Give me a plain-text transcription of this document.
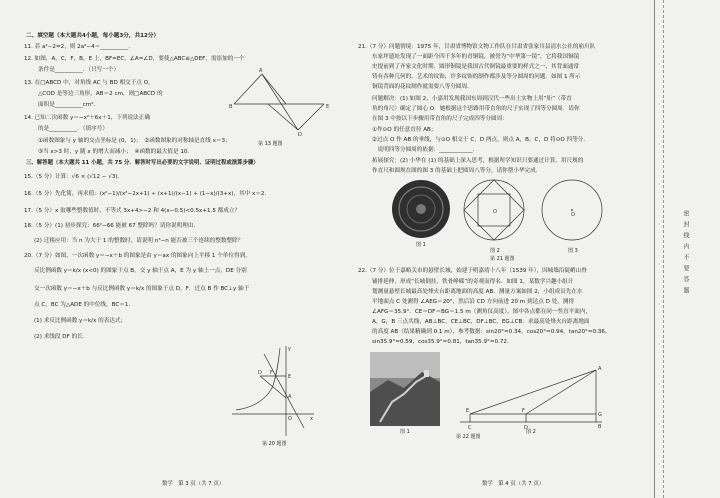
二、填空题（本大题共4小题，每小题3分，共12分）
11. 若 a²−2=2，则 2a²−4＝__________.
12. 如图，A，C，F，B，E 上，BF=EC，∠A=∠D，要使△ABC≌△DEF，需添加的一个
条件是__________．（只写一个）
13. 在□ABCD 中，对角线 AC 与 BD 相交于点 O，
△COD 是等边三角形，AB＝2 cm，则□ABCD 的
面积是__________cm².
14. 已知二次函数 y＝−x²＋6x＋1，下列说法正确
的是__________．（填序号）
①函数图象与 y 轴的交点坐标是 (0，1)；　②函数图象的对称轴是直线 x＝3；
③当 x>3 时，y 随 x 的增大而减小；　④函数的最大值是 10.
A
B	E
D
第 13 题图
三、解答题（本大题共 11 小题，共 75 分．解答时写出必要的文字说明、证明过程或演算步骤）
15.（5 分）计算：√6 × (√12 − √3)．
16.（5 分）先化简，再求值：(x²−1)/(x²−2x+1) ÷ (x+1)/(x−1) + (1−x)/(3+x)，其中 x＝2.
17.（5 分）x 取哪些整数值时，不等式 3x+4>−2 和 4(x−0.5)<0.5x+1.5 都成立？
18.（5 分）(1) 初步探究：66²−66 能被 67 整除吗？请你说明理由．
(2) 迁移应用：当 n 为大于 1 的整数时，请说明 n³−n 能否被三个连续的整数整除？
20.（7 分）如图，一次函数 y＝−x＋b 的图象是由 y＝ax 的图象向上平移 1 个单位得到，
反比例函数 y＝k/x (x<0) 的图象于点 B，交 y 轴于点 A，E 为 y 轴上一点，DE 分别
交一次函数 y＝−x＋b 与反比例函数 y＝k/x 的图象于点 D，F．过点 B 作 BC⊥y 轴于
点 C，BC 为△ADE 的中位线，BC＝1.
(1) 求反比例函数 y＝k/x 的表达式；
(2) 求线段 DF 的长．
y
x
O
D F
E
A
第 20 题图
数学　第 3 页（共 7 页）
21.（7 分）问题情境：1975 年，甘肃省博物馆文物工作队在甘肃省张家川县清水公社的崩川队
东家坪遗址发现了一面距今四千多年的青铜镜，被誉为“中华第一镜”，它将我国铜镜
史提前到了齐家文化时期．圆形铜镜是我国古代铜镜最重要的样式之一，其背面通常
铸有各种几何的、艺术的纹饰，许多纹饰的制作都涉及等分圆周的问题．如图 1 所示
铜镜背面的花纹制作就需要八等分圆周．
问题解决：(1) 如图 2，小嘉用发现我国东周到汉代一些出土实物上用“矩”（带直
角的角尺）确定了圆心 O．她根据这个思路用带直角的尺子实现了四等分圆周．请你
在图 3 中按以下步骤用带直角的尺子完成四等分圆周：
①作⊙O 的任意直径 AB；
②过点 O 作 AB 的垂线，与⊙O 相交于 C，D 两点，则点 A，B，C，D 将⊙O 四等分．
　说明四等分圆周的依据：____________．
拓展探究：(2) 小华在 (1) 的基础上深入思考，根据所学知识只要通过计算，用尺规的
作直尺和圆规在图的图 3 的基础上把圆周八等分，请你帮小华完成．
图 1
O
图 2
O
图 3
第 21 题图
22.（7 分）位于嘉峪关市的悬壁长城，始建于明嘉靖十八年（1539 年），因城墙沿陡峭山脊
铺排延伸，形成“长城倒挂，铁骨峥嵘”的奇观而得名．如图 1，某数学兴趣小组计
划测量悬壁长城最高处烽火台距离地面的高度 AB．测量方案如图 2，小组成员先在水
平地面点 C 处测得 ∠AEG＝20°，然后沿 CD 方向前进 20 m 到达点 D 处，测得
∠AFG＝35.9°．CE＝DF＝BG＝1.5 m（测角仪高度），图中各点都在同一竖直平面内，
A，G，B 三点共线，AB⊥BC，CE⊥BC，DF⊥BC，EG⊥CB．求最高处烽火台距离地面
的高度 AB（结果精确到 0.1 m），参考数据：sin20°≈0.34，cos20°≈0.94，tan20°≈0.36，
sin35.9°≈0.59，cos35.9°≈0.81，tan35.9°≈0.72.
图 1
A
G
B
E	F
C	D
第 22 题图
图 2
数学　第 4 页（共 7 页）
密封线内不要答题
